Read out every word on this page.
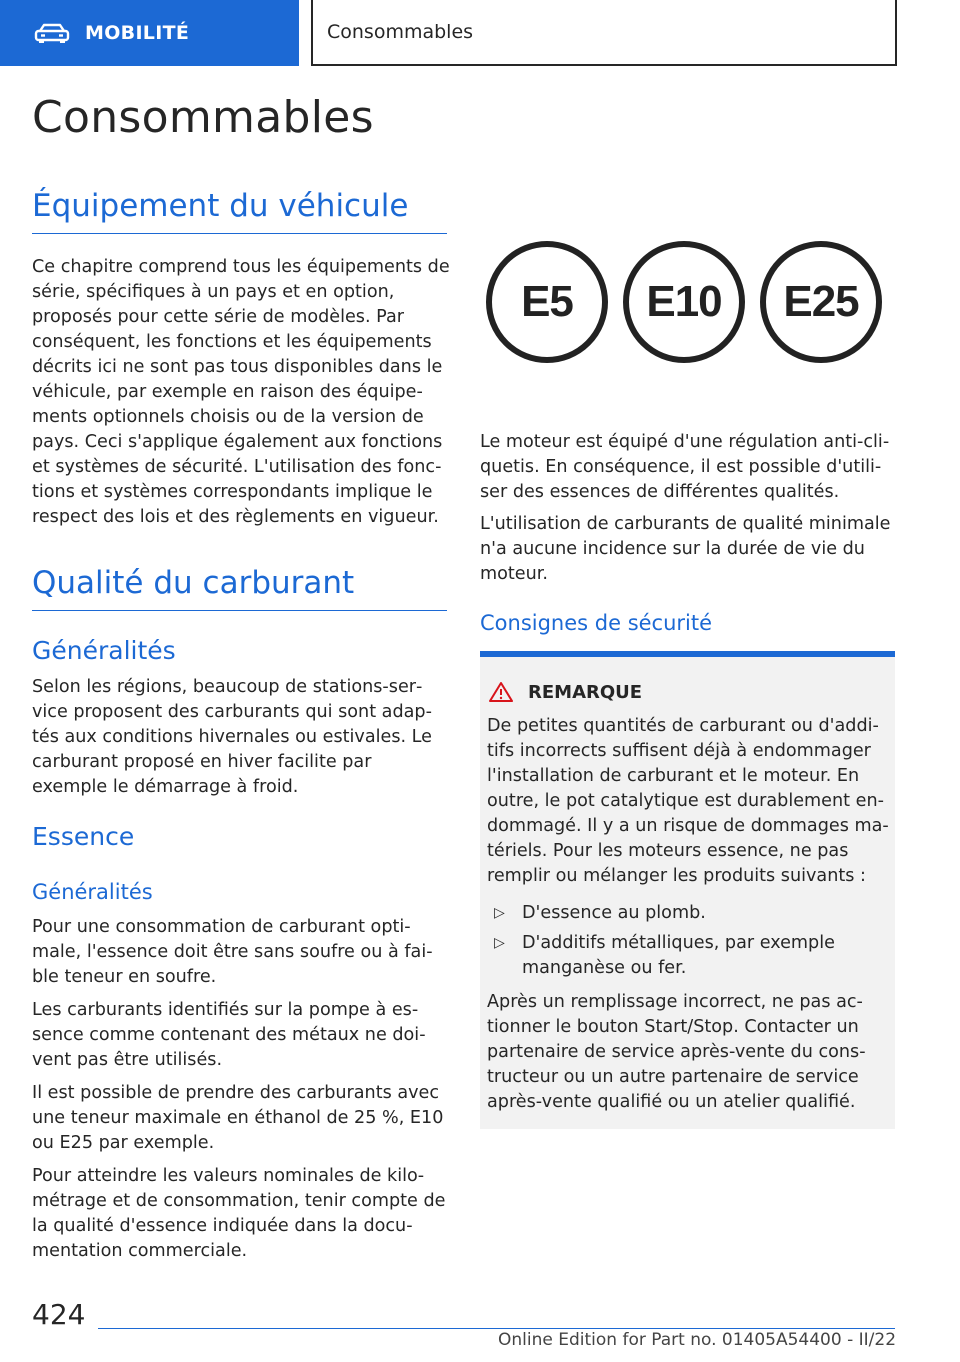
MOBILITÉ	Consommables
Consommables
Équipement du véhicule

Ce chapitre comprend tous les équipements de série, spécifiques à un pays et en option, proposés pour cette série de modèles. Par conséquent, les fonctions et les équipements décrits ici ne sont pas tous disponibles dans le véhicule, par exemple en raison des équipements optionnels choisis ou de la version de pays. Ceci s'applique également aux fonctions et systèmes de sécurité. L'utilisation des fonctions et systèmes correspondants implique le respect des lois et des règlements en vigueur.

Qualité du carburant
Généralités

Selon les régions, beaucoup de stations-service proposent des carburants qui sont adaptés aux conditions hivernales ou estivales. Le carburant proposé en hiver facilite par exemple le démarrage à froid.

Essence
Généralités

Pour une consommation de carburant optimale, l'essence doit être sans soufre ou à faible teneur en soufre.

Les carburants identifiés sur la pompe à essence comme contenant des métaux ne doivent pas être utilisés.

Il est possible de prendre des carburants avec une teneur maximale en éthanol de 25 %, E10 ou E25 par exemple.

Pour atteindre les valeurs nominales de kilométrage et de consommation, tenir compte de la qualité d'essence indiquée dans la documentation commerciale.

E5 E10 E25

Le moteur est équipé d'une régulation anti-cliquetis. En conséquence, il est possible d'utiliser des essences de différentes qualités.

L'utilisation de carburants de qualité minimale n'a aucune incidence sur la durée de vie du moteur.

Consignes de sécurité
REMARQUE

De petites quantités de carburant ou d'additifs incorrects suffisent déjà à endommager l'installation de carburant et le moteur. En outre, le pot catalytique est durablement endommagé. Il y a un risque de dommages matériels. Pour les moteurs essence, ne pas remplir ou mélanger les produits suivants :

▷ D'essence au plomb.
▷ D'additifs métalliques, par exemple manganèse ou fer.

Après un remplissage incorrect, ne pas actionner le bouton Start/Stop. Contacter un partenaire de service après-vente du constructeur ou un autre partenaire de service après-vente qualifié ou un atelier qualifié.

424
Online Edition for Part no. 01405A54400 - II/22
